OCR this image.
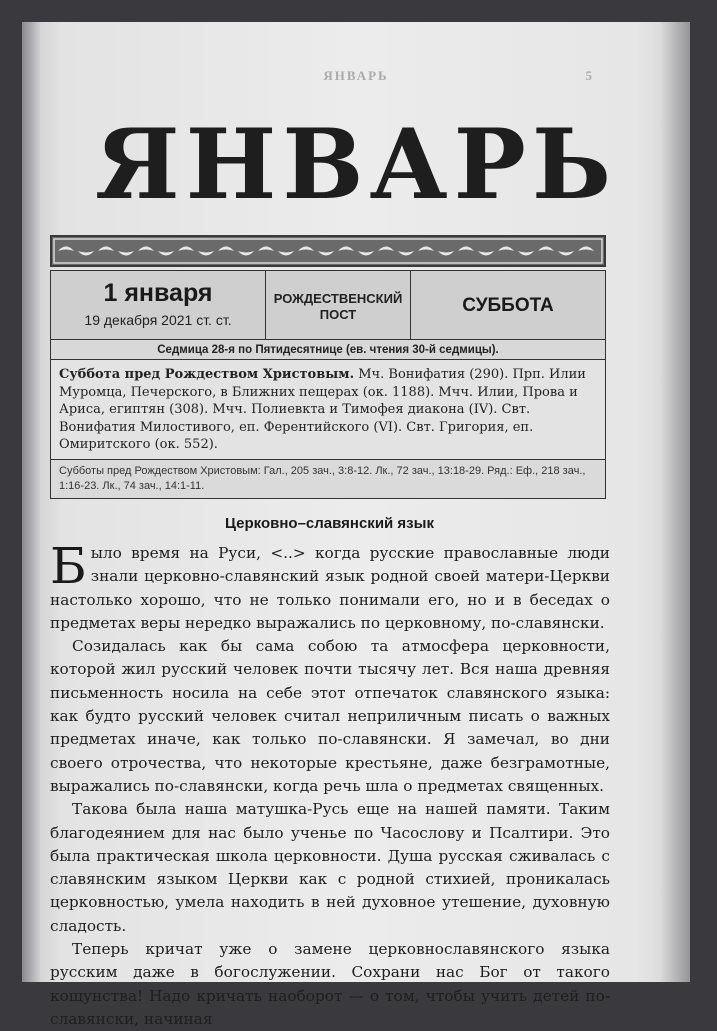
ЯНВАРЬ	5
ЯНВАРЬ
1 января
19 декабря 2021 ст. ст.
РОЖДЕСТВЕНСКИЙ ПОСТ	СУББОТА
Седмица 28-я по Пятидесятнице (ев. чтения 30-й седмицы).
Суббота пред Рождеством Христовым. Мч. Вонифатия (290). Прп. Илии Муромца, Печерского, в Ближних пещерах (ок. 1188). Мчч. Илии, Прова и Ариса, египтян (308). Мчч. Полиевкта и Тимофея диакона (IV). Свт. Вонифатия Милостивого, еп. Ферентийского (VI). Свт. Григория, еп. Омиритского (ок. 552).
Субботы пред Рождеством Христовым: Гал., 205 зач., 3:8-12. Лк., 72 зач., 13:18-29. Ряд.: Еф., 218 зач., 1:16-23. Лк., 74 зач., 14:1-11.
Церковно–славянский язык

Было время на Руси, <..> когда русские православные люди знали церковно-славянский язык родной своей матери-Церкви настолько хорошо, что не только понимали его, но и в беседах о предметах веры нередко выражались по церковному, по-славянски.

Созидалась как бы сама собою та атмосфера церковности, которой жил русский человек почти тысячу лет. Вся наша древняя письменность носила на себе этот отпечаток славянского языка: как будто русский человек считал неприличным писать о важных предметах иначе, как только по-славянски. Я замечал, во дни своего отрочества, что некоторые крестьяне, даже безграмотные, выражались по-славянски, когда речь шла о предметах священных.

Такова была наша матушка-Русь еще на нашей памяти. Таким благодеянием для нас было ученье по Часослову и Псалтири. Это была практическая школа церковности. Душа русская сживалась с славянским языком Церкви как с родной стихией, проникалась церковностью, умела находить в ней духовное утешение, духовную сладость.

Теперь кричат уже о замене церковнославянского языка русским даже в богослужении. Сохрани нас Бог от такого кощунства! Надо кричать наоборот — о том, чтобы учить детей по-славянски, начиная
